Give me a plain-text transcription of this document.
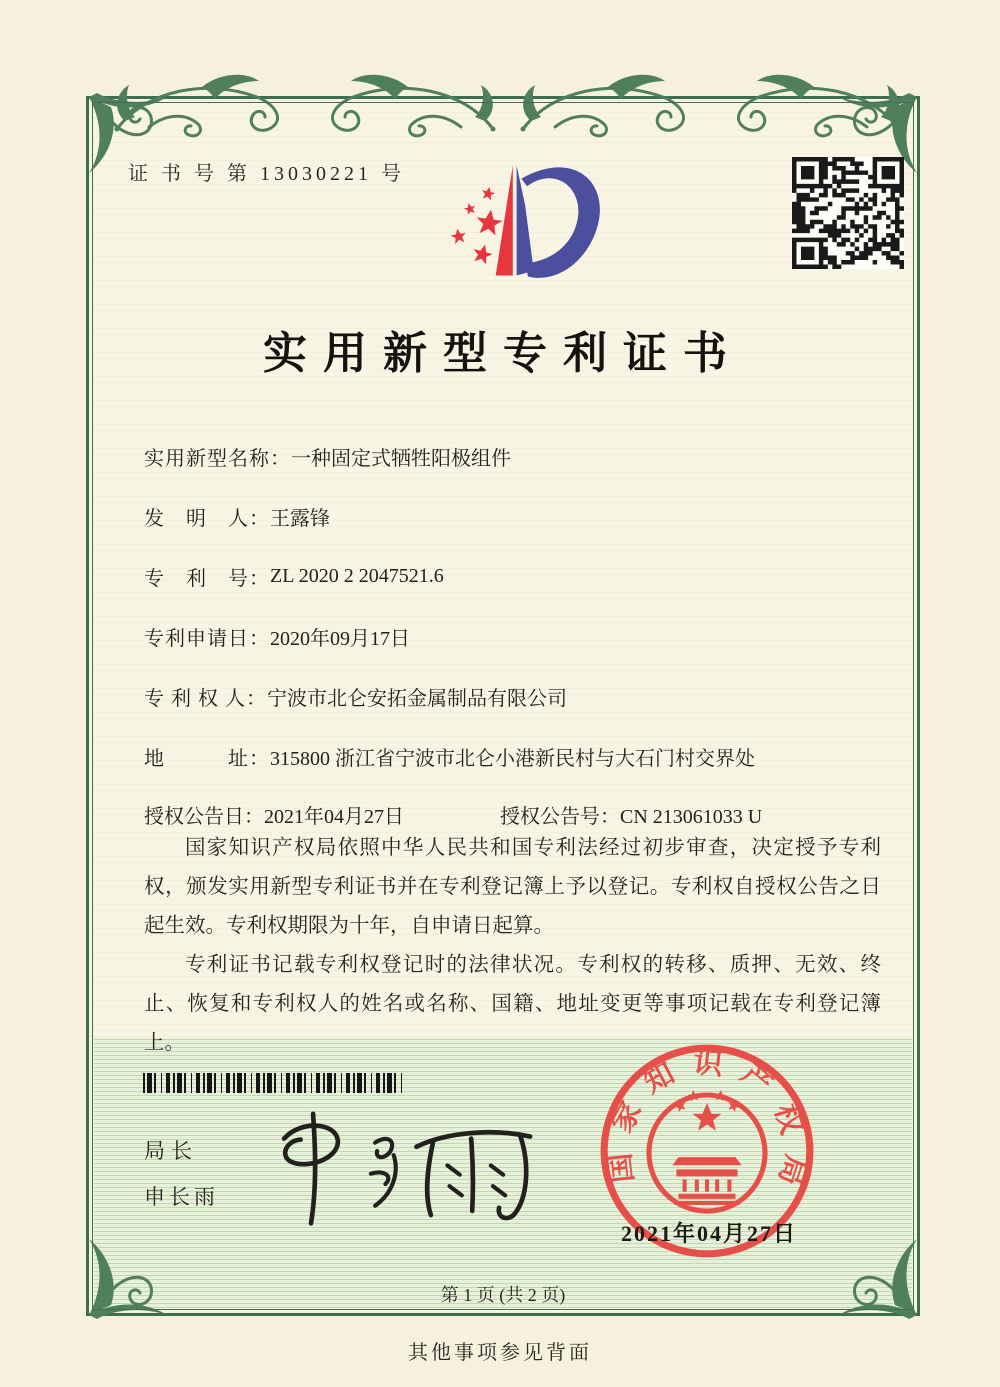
证 书 号 第 13030221 号
实用新型专利证书
实用新型名称： 一种固定式牺牲阳极组件
发　明　人： 王露锋
专　利　号： ZL 2020 2 2047521.6
专利申请日： 2020年09月17日
专 利 权 人： 宁波市北仑安拓金属制品有限公司
地　　　址： 315800 浙江省宁波市北仑小港新民村与大石门村交界处
授权公告日： 2021年04月27日	授权公告号：CN 213061033 U

国家知识产权局依照中华人民共和国专利法经过初步审查，决定授予专利权，颁发实用新型专利证书并在专利登记簿上予以登记。专利权自授权公告之日起生效。专利权期限为十年，自申请日起算。

专利证书记载专利权登记时的法律状况。专利权的转移、质押、无效、终止、恢复和专利权人的姓名或名称、国籍、地址变更等事项记载在专利登记簿上。

局长
申长雨
国家知识产权局
2021年04月27日
第 1 页 (共 2 页)
其他事项参见背面
